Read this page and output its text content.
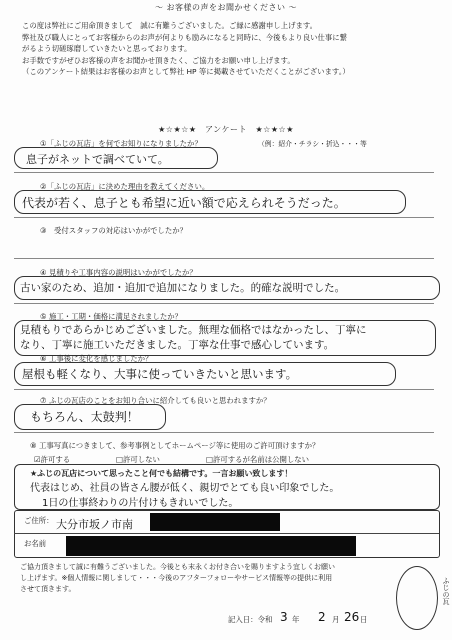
～ お客様の声をお聞かせください ～
この度は弊社にご用命頂きまして　誠に有難うございました。ご縁に感謝申し上げます。
弊社及び職人にとってお客様からのお声が何よりも励みになると同時に、今後もより良い仕事に繋
がるよう切磋琢磨していきたいと思っております。
お手数ですがぜひお客様の声をお聞かせ頂きたく、ご協力をお願い申し上げます。
（このアンケート結果はお客様のお声として弊社 HP 等に掲載させていただくことがございます。）
★☆★☆★　アンケート　★☆★☆★
①「ふじの瓦店」を何でお知りになりましたか？	（例：紹介・チラシ・折込・・・等
息子がネットで調べていて。
②「ふじの瓦店」に決めた理由を教えてください。
代表が若く、息子とも希望に近い額で応えられそうだった。
③　受付スタッフの対応はいかがでしたか？
④ 見積りや工事内容の説明はいかがでしたか？
古い家のため、追加・追加で追加になりました。的確な説明でした。
⑤ 施工・工期・価格に満足されましたか？
見積もりであらかじめございました。無理な価格ではなかったし、丁寧に
なり、丁寧に施工いただきました。丁寧な仕事で感心しています。
⑥ 工事後に変化を感じましたか？
屋根も軽くなり、大事に使っていきたいと思います。
⑦ ふじの瓦店のことをお知り合いに紹介しても良いと思われますか？
もちろん、太鼓判！
⑧ 工事写真につきまして、参考事例としてホームページ等に使用のご許可頂けますか？
☑許可する	□許可しない	□許可するが名前は公開しない
★ふじの瓦店について思ったこと何でも結構です。一言お願い致します！
代表はじめ、社員の皆さん腰が低く、親切でとても良い印象でした。
1日の仕事終わりの片付けもきれいでした。
ご住所： 大分市坂ノ市南
お名前
ご協力頂きまして誠に有難うございました。今後とも末永くお付き合いを賜りますよう宜しくお願い
し上げます。※個人情報に関しまして・・・今後のアフターフォローやサービス情報等の提供に利用
させて頂きます。
記入日：令和 3 年 2 月 26 日
ふじの瓦
